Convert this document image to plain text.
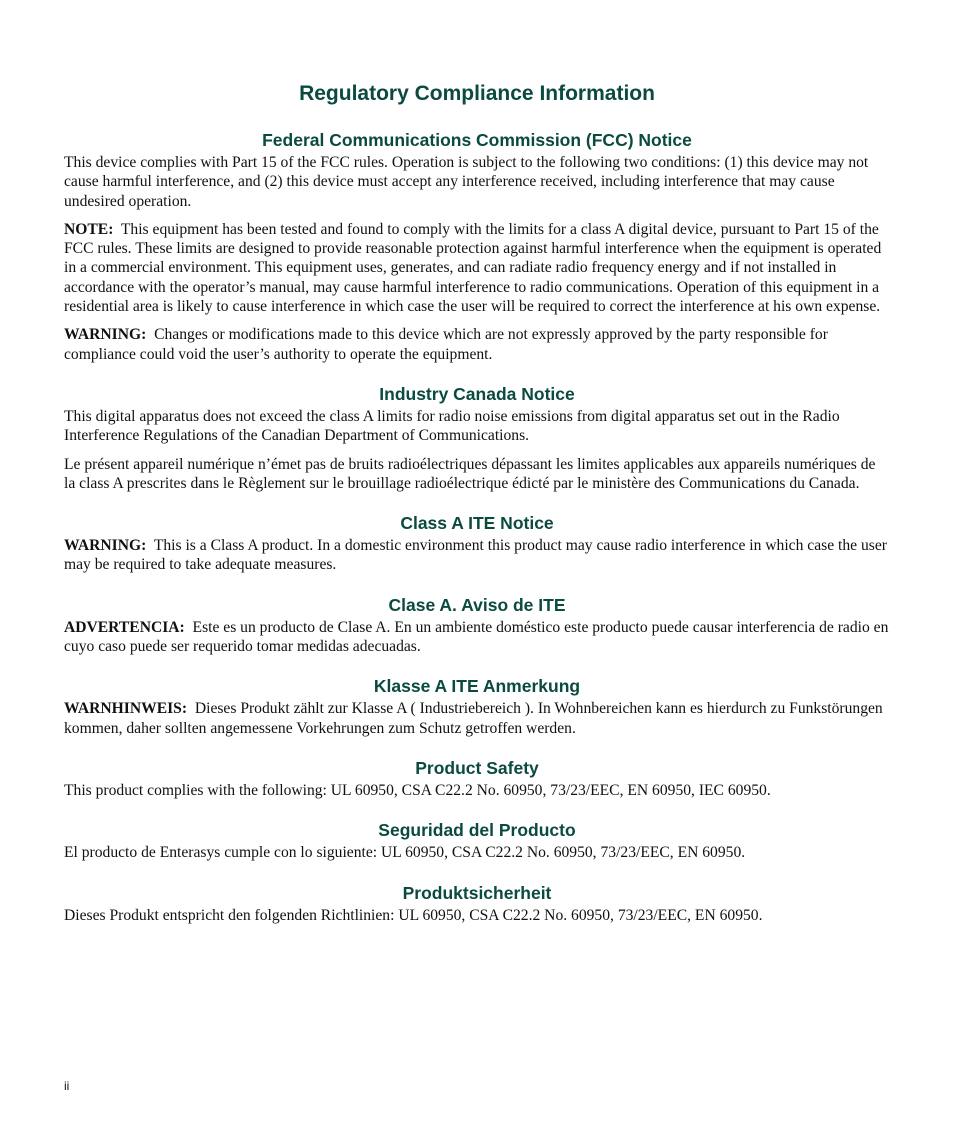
Regulatory Compliance Information
Federal Communications Commission (FCC) Notice

This device complies with Part 15 of the FCC rules. Operation is subject to the following two conditions: (1) this device may not cause harmful interference, and (2) this device must accept any interference received, including interference that may cause undesired operation.

NOTE: This equipment has been tested and found to comply with the limits for a class A digital device, pursuant to Part 15 of the FCC rules. These limits are designed to provide reasonable protection against harmful interference when the equipment is operated in a commercial environment. This equipment uses, generates, and can radiate radio frequency energy and if not installed in accordance with the operator’s manual, may cause harmful interference to radio communications. Operation of this equipment in a residential area is likely to cause interference in which case the user will be required to correct the interference at his own expense.

WARNING: Changes or modifications made to this device which are not expressly approved by the party responsible for compliance could void the user’s authority to operate the equipment.

Industry Canada Notice

This digital apparatus does not exceed the class A limits for radio noise emissions from digital apparatus set out in the Radio Interference Regulations of the Canadian Department of Communications.

Le présent appareil numérique n’émet pas de bruits radioélectriques dépassant les limites applicables aux appareils numériques de la class A prescrites dans le Règlement sur le brouillage radioélectrique édicté par le ministère des Communications du Canada.

Class A ITE Notice

WARNING: This is a Class A product. In a domestic environment this product may cause radio interference in which case the user may be required to take adequate measures.

Clase A. Aviso de ITE

ADVERTENCIA: Este es un producto de Clase A. En un ambiente doméstico este producto puede causar interferencia de radio en cuyo caso puede ser requerido tomar medidas adecuadas.

Klasse A ITE Anmerkung

WARNHINWEIS: Dieses Produkt zählt zur Klasse A ( Industriebereich ). In Wohnbereichen kann es hierdurch zu Funkstörungen kommen, daher sollten angemessene Vorkehrungen zum Schutz getroffen werden.

Product Safety

This product complies with the following: UL 60950, CSA C22.2 No. 60950, 73/23/EEC, EN 60950, IEC 60950.

Seguridad del Producto

El producto de Enterasys cumple con lo siguiente: UL 60950, CSA C22.2 No. 60950, 73/23/EEC, EN 60950.

Produktsicherheit

Dieses Produkt entspricht den folgenden Richtlinien: UL 60950, CSA C22.2 No. 60950, 73/23/EEC, EN 60950.

ii
